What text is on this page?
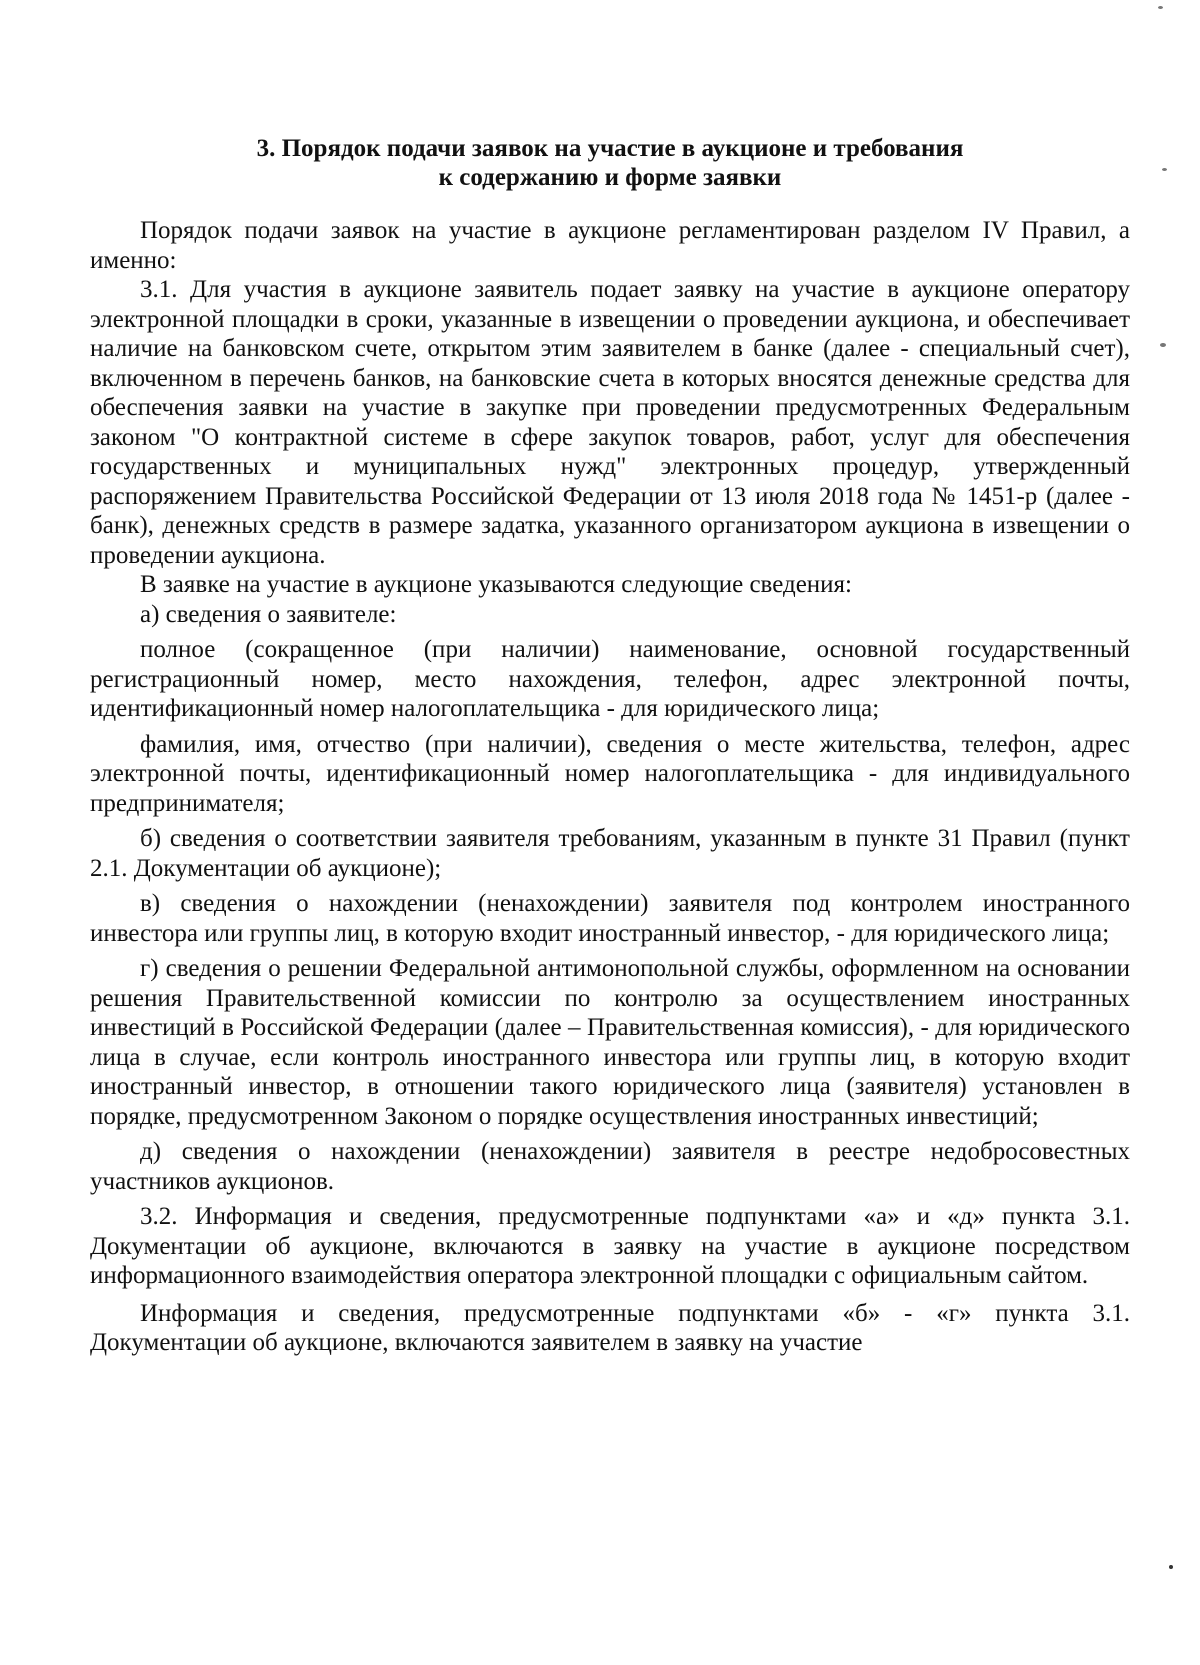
3. Порядок подачи заявок на участие в аукционе и требования
к содержанию и форме заявки

Порядок подачи заявок на участие в аукционе регламентирован разделом IV Правил, а именно:

3.1. Для участия в аукционе заявитель подает заявку на участие в аукционе оператору электронной площадки в сроки, указанные в извещении о проведении аукциона, и обеспечивает наличие на банковском счете, открытом этим заявителем в банке (далее - специальный счет), включенном в перечень банков, на банковские счета в которых вносятся денежные средства для обеспечения заявки на участие в закупке при проведении предусмотренных Федеральным законом "О контрактной системе в сфере закупок товаров, работ, услуг для обеспечения государственных и муниципальных нужд" электронных процедур, утвержденный распоряжением Правительства Российской Федерации от 13 июля 2018 года № 1451-р (далее - банк), денежных средств в размере задатка, указанного организатором аукциона в извещении о проведении аукциона.

В заявке на участие в аукционе указываются следующие сведения:

а) сведения о заявителе:

полное (сокращенное (при наличии) наименование, основной государственный регистрационный номер, место нахождения, телефон, адрес электронной почты, идентификационный номер налогоплательщика - для юридического лица;

фамилия, имя, отчество (при наличии), сведения о месте жительства, телефон, адрес электронной почты, идентификационный номер налогоплательщика - для индивидуального предпринимателя;

б) сведения о соответствии заявителя требованиям, указанным в пункте 31 Правил (пункт 2.1. Документации об аукционе);

в) сведения о нахождении (ненахождении) заявителя под контролем иностранного инвестора или группы лиц, в которую входит иностранный инвестор, - для юридического лица;

г) сведения о решении Федеральной антимонопольной службы, оформленном на основании решения Правительственной комиссии по контролю за осуществлением иностранных инвестиций в Российской Федерации (далее – Правительственная комиссия), - для юридического лица в случае, если контроль иностранного инвестора или группы лиц, в которую входит иностранный инвестор, в отношении такого юридического лица (заявителя) установлен в порядке, предусмотренном Законом о порядке осуществления иностранных инвестиций;

д) сведения о нахождении (ненахождении) заявителя в реестре недобросовестных участников аукционов.

3.2. Информация и сведения, предусмотренные подпунктами «а» и «д» пункта 3.1. Документации об аукционе, включаются в заявку на участие в аукционе посредством информационного взаимодействия оператора электронной площадки с официальным сайтом.

Информация и сведения, предусмотренные подпунктами «б» - «г» пункта 3.1. Документации об аукционе, включаются заявителем в заявку на участие
